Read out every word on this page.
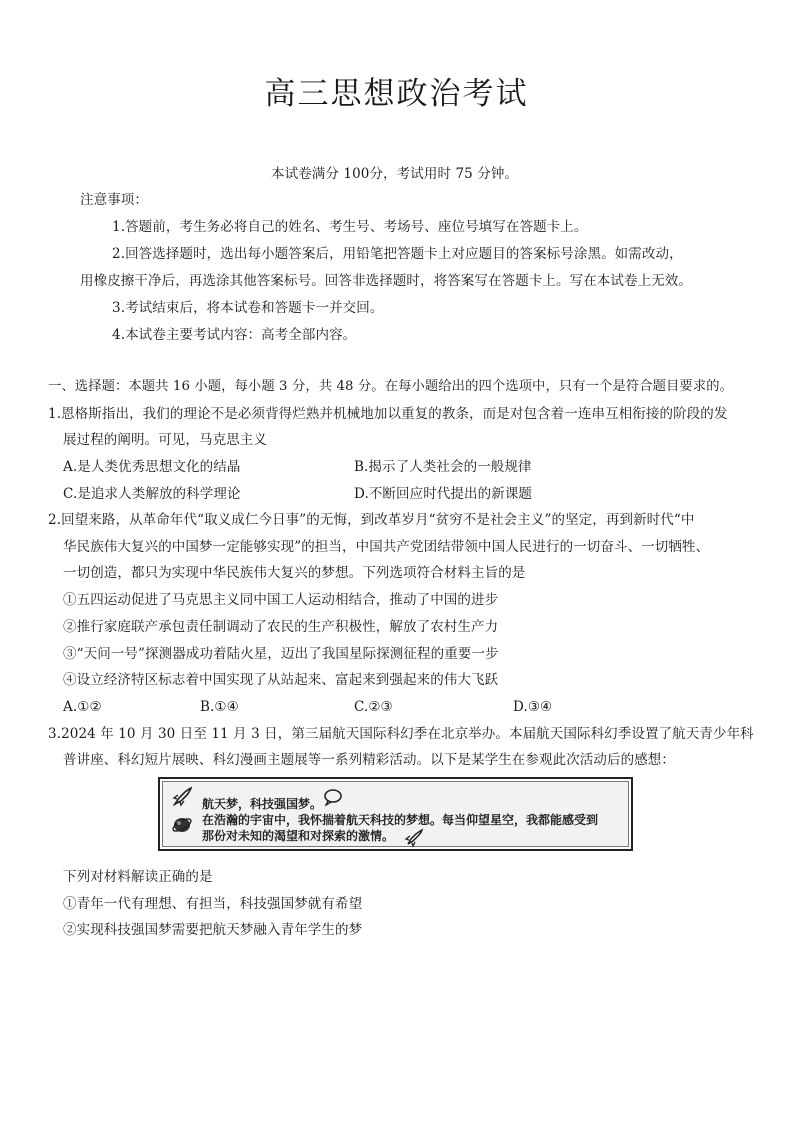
高三思想政治考试
本试卷满分 100分，考试用时 75 分钟。
注意事项：
1.答题前，考生务必将自己的姓名、考生号、考场号、座位号填写在答题卡上。
2.回答选择题时，选出每小题答案后，用铅笔把答题卡上对应题目的答案标号涂黑。如需改动，
用橡皮擦干净后，再选涂其他答案标号。回答非选择题时，将答案写在答题卡上。写在本试卷上无效。
3.考试结束后，将本试卷和答题卡一并交回。
4.本试卷主要考试内容：高考全部内容。
一、选择题：本题共 16 小题，每小题 3 分，共 48 分。在每小题给出的四个选项中，只有一个是符合题目要求的。
1.恩格斯指出，我们的理论不是必须背得烂熟并机械地加以重复的教条，而是对包含着一连串互相衔接的阶段的发
展过程的阐明。可见，马克思主义
A.是人类优秀思想文化的结晶	B.揭示了人类社会的一般规律
C.是追求人类解放的科学理论	D.不断回应时代提出的新课题
2.回望来路，从革命年代“取义成仁今日事”的无悔，到改革岁月“贫穷不是社会主义”的坚定，再到新时代“中
华民族伟大复兴的中国梦一定能够实现”的担当，中国共产党团结带领中国人民进行的一切奋斗、一切牺牲、
一切创造，都只为实现中华民族伟大复兴的梦想。下列选项符合材料主旨的是
①五四运动促进了马克思主义同中国工人运动相结合，推动了中国的进步
②推行家庭联产承包责任制调动了农民的生产积极性，解放了农村生产力
③“天问一号”探测器成功着陆火星，迈出了我国星际探测征程的重要一步
④设立经济特区标志着中国实现了从站起来、富起来到强起来的伟大飞跃
A.①②	B.①④	C.②③	D.③④
3.2024 年 10 月 30 日至 11 月 3 日，第三届航天国际科幻季在北京举办。本届航天国际科幻季设置了航天青少年科
普讲座、科幻短片展映、科幻漫画主题展等一系列精彩活动。以下是某学生在参观此次活动后的感想：
航天梦，科技强国梦。
在浩瀚的宇宙中，我怀揣着航天科技的梦想。每当仰望星空，我都能感受到
那份对未知的渴望和对探索的激情。
下列对材料解读正确的是
①青年一代有理想、有担当，科技强国梦就有希望
②实现科技强国梦需要把航天梦融入青年学生的梦
